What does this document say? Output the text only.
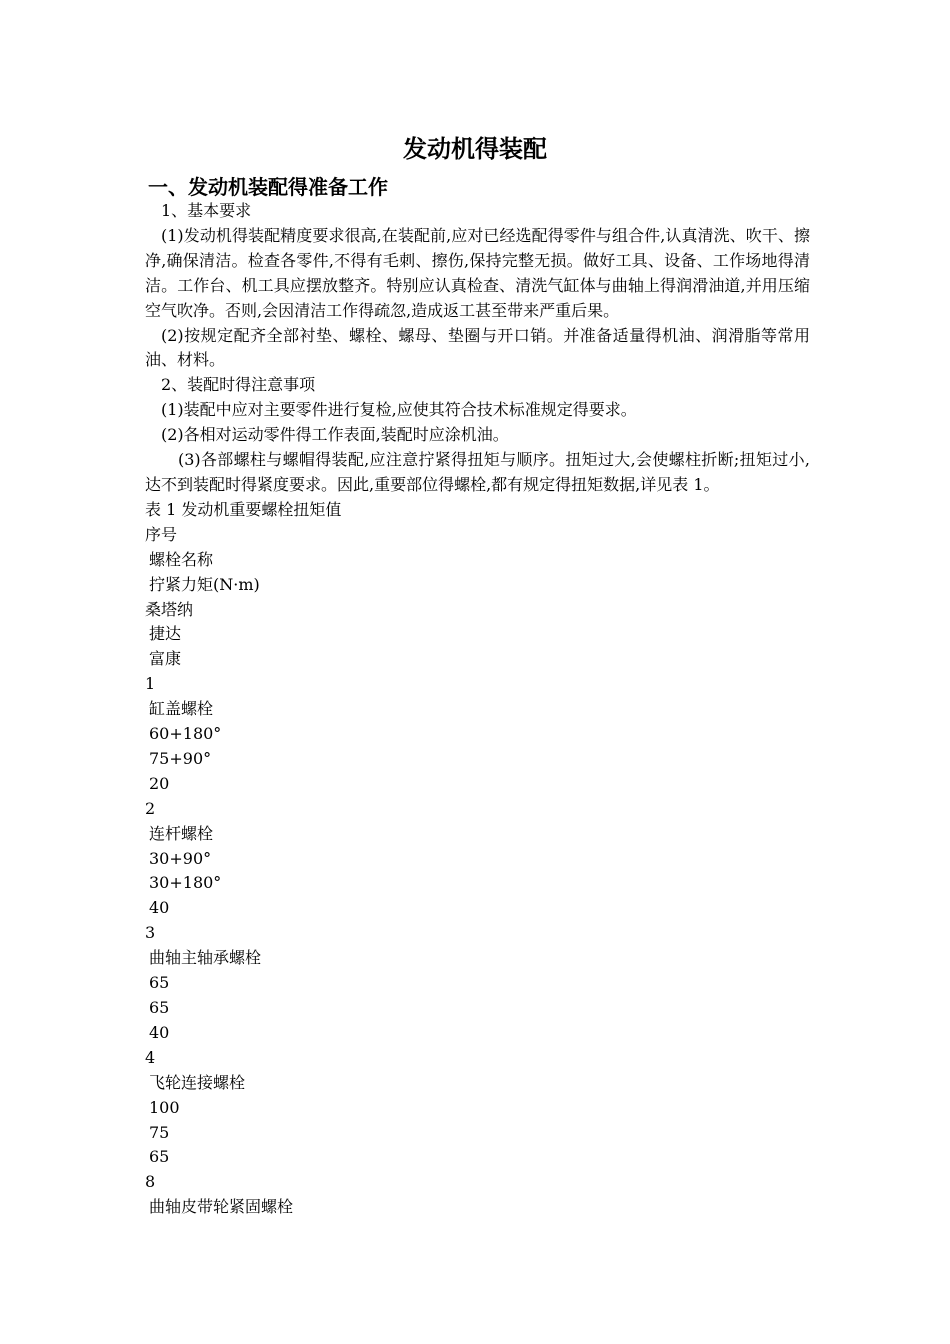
发动机得装配
一、发动机装配得准备工作

1、基本要求

(1)发动机得装配精度要求很高,在装配前,应对已经选配得零件与组合件,认真清洗、吹干、擦净,确保清洁。检查各零件,不得有毛刺、擦伤,保持完整无损。做好工具、设备、工作场地得清洁。工作台、机工具应摆放整齐。特别应认真检查、清洗气缸体与曲轴上得润滑油道,并用压缩空气吹净。否则,会因清洁工作得疏忽,造成返工甚至带来严重后果。

(2)按规定配齐全部衬垫、螺栓、螺母、垫圈与开口销。并准备适量得机油、润滑脂等常用油、材料。

2、装配时得注意事项

(1)装配中应对主要零件进行复检,应使其符合技术标准规定得要求。

(2)各相对运动零件得工作表面,装配时应涂机油。

(3)各部螺柱与螺帽得装配,应注意拧紧得扭矩与顺序。扭矩过大,会使螺柱折断;扭矩过小,达不到装配时得紧度要求。因此,重要部位得螺栓,都有规定得扭矩数据,详见表 1。

表 1 发动机重要螺栓扭矩值

序号

螺栓名称

拧紧力矩(N·m)

桑塔纳

捷达

富康

1

缸盖螺栓

60+180°

75+90°

20

2

连杆螺栓

30+90°

30+180°

40

3

曲轴主轴承螺栓

65

65

40

4

飞轮连接螺栓

100

75

65

8

曲轴皮带轮紧固螺栓
